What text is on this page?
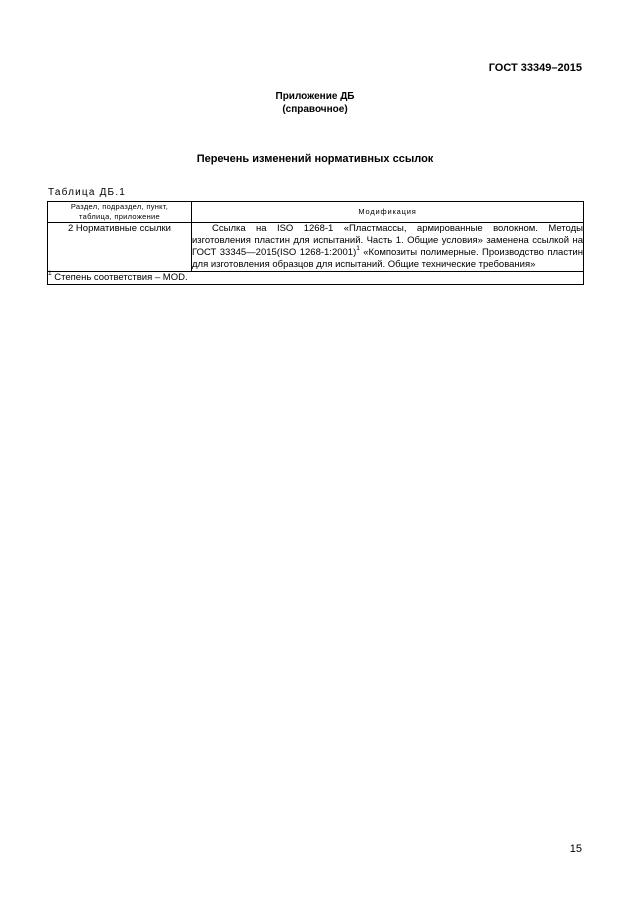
ГОСТ 33349–2015
Приложение ДБ
(справочное)
Перечень изменений нормативных ссылок
Таблица ДБ.1
Раздел, подраздел, пункт,
таблица, приложение	Модификация
2 Нормативные ссылки	Ссылка на ISO 1268-1 «Пластмассы, армированные волокном. Методы изготовления пластин для испытаний. Часть 1. Общие условия» заменена ссылкой на ГОСТ 33345—2015(ISO 1268-1:2001)$^1$ «Композиты полимерные. Производство пластин для изготовления образцов для испытаний. Общие технические требования»
$^1$ Степень соответствия – MOD.	
15
